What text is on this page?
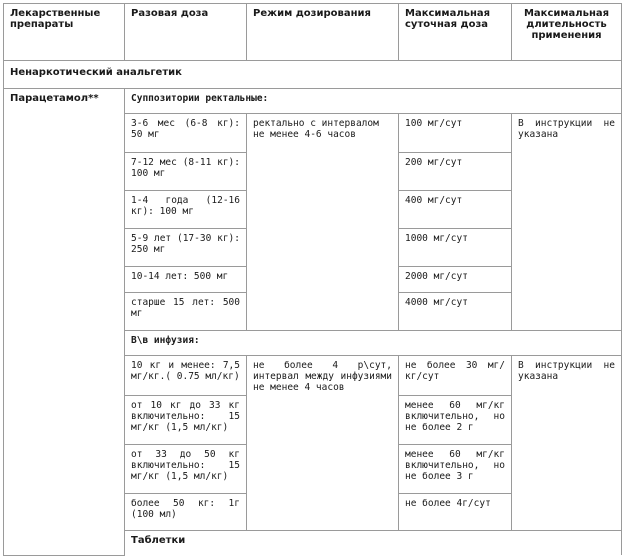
Лекарственные препараты	Разовая доза	Режим дозирования	Максимальная суточная доза	Максимальная длительность применения
Ненаркотический анальгетик				
Парацетамол**	Суппозитории ректальные:			
	3-6 мес (6-8 кг): 50 мг	ректально с интервалом не менее 4-6 часов	100 мг/сут	В инструкции не указана
	7-12 мес (8-11 кг): 100 мг		200 мг/сут	
	1-4 года (12-16 кг): 100 мг		400 мг/сут	
	5-9 лет (17-30 кг): 250 мг		1000 мг/сут	
	10-14 лет: 500 мг		2000 мг/сут	
	старше 15 лет: 500 мг		4000 мг/сут	
	В\в инфузия:			
	10 кг и менее: 7,5 мг/кг.( 0.75 мл/кг)	не более 4 р\сут, интервал между инфузиями не менее 4 часов	не более 30 мг/кг/сут	В инструкции не указана
	от 10 кг до 33 кг включительно: 15 мг/кг (1,5 мл/кг)		менее 60 мг/кг включительно, но не более 2 г	
	от 33 до 50 кг включительно: 15 мг/кг (1,5 мл/кг)		менее 60 мг/кг включительно, но не более 3 г	
	более 50 кг: 1г (100 мл)		не более 4г/сут	
	Таблетки			
